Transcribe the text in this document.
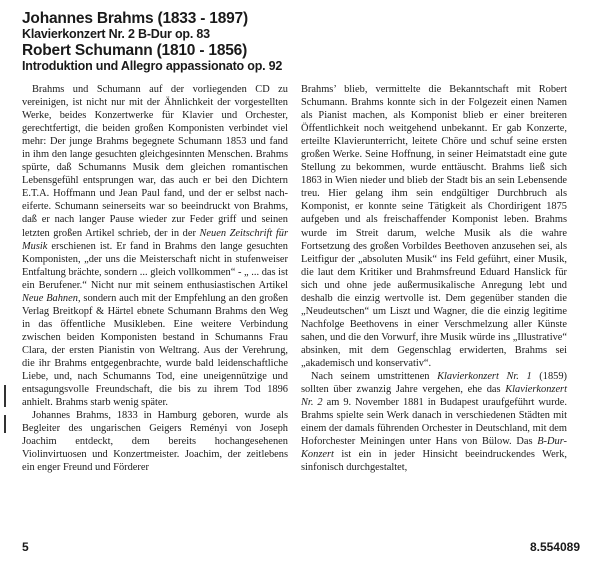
Johannes Brahms (1833 - 1897)
Klavierkonzert Nr. 2 B-Dur op. 83
Robert Schumann (1810 - 1856)
Introduktion und Allegro appassionato op. 92

Brahms und Schumann auf der vorliegenden CD zu vereinigen, ist nicht nur mit der Ähnlichkeit der vorgestellten Werke, beides Konzertwerke für Klavier und Orchester, gerechtfertigt, die beiden großen Komponisten verbindet viel mehr: Der junge Brahms begegnete Schumann 1853 und fand in ihm den lange gesuchten gleichgesinnten Menschen. Brahms spürte, daß Schumanns Musik dem gleichen romantischen Lebensgefühl entsprungen war, das auch er bei den Dichtern E.T.A. Hoffmann und Jean Paul fand, und der er selbst nach-eiferte. Schumann seinerseits war so beeindruckt von Brahms, daß er nach langer Pause wieder zur Feder griff und seinen letzten großen Artikel schrieb, der in der Neuen Zeitschrift für Musik erschienen ist. Er fand in Brahms den lange gesuchten Komponisten, „der uns die Meisterschaft nicht in stufenweiser Entfaltung brächte, sondern ... gleich vollkommen“ - „ ... das ist ein Berufener.“ Nicht nur mit seinem enthusiastischen Artikel Neue Bahnen, sondern auch mit der Empfehlung an den großen Verlag Breitkopf & Härtel ebnete Schumann Brahms den Weg in das öffentliche Musikleben. Eine weitere Verbindung zwischen beiden Komponisten bestand in Schumanns Frau Clara, der ersten Pianistin von Weltrang. Aus der Verehrung, die ihr Brahms entgegenbrachte, wurde bald leidenschaftliche Liebe, und, nach Schumanns Tod, eine uneigennützige und entsagungsvolle Freundschaft, die bis zu ihrem Tod 1896 anhielt. Brahms starb wenig später.

Johannes Brahms, 1833 in Hamburg geboren, wurde als Begleiter des ungarischen Geigers Reményi von Joseph Joachim entdeckt, dem bereits hochangesehenen Violinvirtuosen und Konzertmeister. Joachim, der zeitlebens ein enger Freund und Förderer

Brahms’ blieb, vermittelte die Bekanntschaft mit Robert Schumann. Brahms konnte sich in der Folgezeit einen Namen als Pianist machen, als Komponist blieb er einer breiteren Öffentlichkeit noch weitgehend unbekannt. Er gab Konzerte, erteilte Klavierunterricht, leitete Chöre und schuf seine ersten großen Werke. Seine Hoffnung, in seiner Heimatstadt eine gute Stellung zu bekommen, wurde enttäuscht. Brahms ließ sich 1863 in Wien nieder und blieb der Stadt bis an sein Lebensende treu. Hier gelang ihm sein endgültiger Durchbruch als Komponist, er konnte seine Tätigkeit als Chordirigent 1875 aufgeben und als freischaffender Komponist leben. Brahms wurde im Streit darum, welche Musik als die wahre Fortsetzung des großen Vorbildes Beethoven anzusehen sei, als Leitfigur der „absoluten Musik“ ins Feld geführt, einer Musik, die laut dem Kritiker und Brahmsfreund Eduard Hanslick für sich und ohne jede außermusikalische Anregung lebt und deshalb die einzig wertvolle ist. Dem gegenüber standen die „Neudeutschen“ um Liszt und Wagner, die die einzig legitime Nachfolge Beethovens in einer Verschmelzung aller Künste sahen, und die den Vorwurf, ihre Musik würde ins „Illustrative“ absinken, mit dem Gegenschlag erwiderten, Brahms sei „akademisch und konservativ“.

Nach seinem umstrittenen Klavierkonzert Nr. 1 (1859) sollten über zwanzig Jahre vergehen, ehe das Klavierkonzert Nr. 2 am 9. November 1881 in Budapest uraufgeführt wurde. Brahms spielte sein Werk danach in verschiedenen Städten mit einem der damals führenden Orchester in Deutschland, mit dem Hoforchester Meiningen unter Hans von Bülow. Das B-Dur-Konzert ist ein in jeder Hinsicht beeindruckendes Werk, sinfonisch durchgestaltet,

5	8.554089
